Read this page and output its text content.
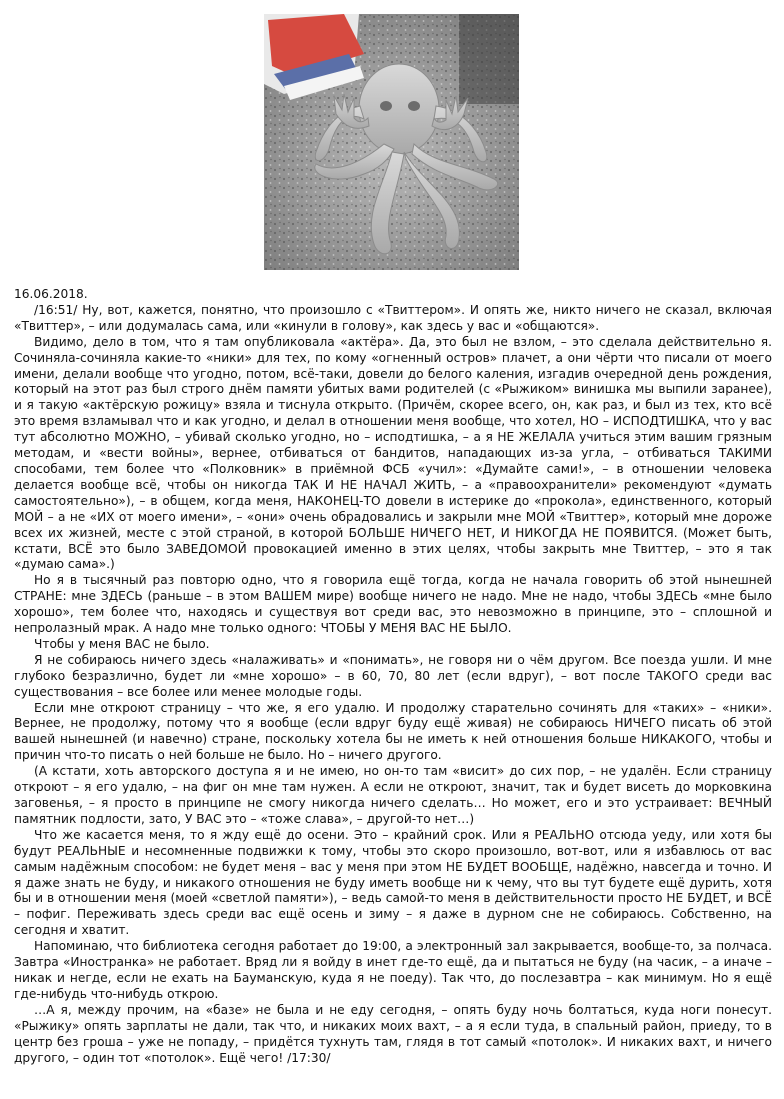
16.06.2018.

/16:51/ Ну, вот, кажется, понятно, что произошло с «Твиттером». И опять же, никто ничего не сказал, включая «Твиттер», – или додумалась сама, или «кинули в голову», как здесь у вас и «общаются».

Видимо, дело в том, что я там опубликовала «актёра». Да, это был не взлом, – это сделала действительно я. Сочиняла-сочиняла какие-то «ники» для тех, по кому «огненный остров» плачет, а они чёрти что писали от моего имени, делали вообще что угодно, потом, всё-таки, довели до белого каления, изгадив очередной день рождения, который на этот раз был строго днём памяти убитых вами родителей (с «Рыжиком» винишка мы выпили заранее), и я такую «актёрскую рожицу» взяла и тиснула открыто. (Причём, скорее всего, он, как раз, и был из тех, кто всё это время взламывал что и как угодно, и делал в отношении меня вообще, что хотел, НО – ИСПОДТИШКА, что у вас тут абсолютно МОЖНО, – убивай сколько угодно, но – исподтишка, – а я НЕ ЖЕЛАЛА учиться этим вашим грязным методам, и «вести войны», вернее, отбиваться от бандитов, нападающих из-за угла, – отбиваться ТАКИМИ способами, тем более что «Полковник» в приёмной ФСБ «учил»: «Думайте сами!», – в отношении человека делается вообще всё, чтобы он никогда ТАК И НЕ НАЧАЛ ЖИТЬ, – а «правоохранители» рекомендуют «думать самостоятельно»), – в общем, когда меня, НАКОНЕЦ-ТО довели в истерике до «прокола», единственного, который МОЙ – а не «ИХ от моего имени», – «они» очень обрадовались и закрыли мне МОЙ «Твиттер», который мне дороже всех их жизней, месте с этой страной, в которой БОЛЬШЕ НИЧЕГО НЕТ, И НИКОГДА НЕ ПОЯВИТСЯ. (Может быть, кстати, ВСЁ это было ЗАВЕДОМОЙ провокацией именно в этих целях, чтобы закрыть мне Твиттер, – это я так «думаю сама».)

Но я в тысячный раз повторю одно, что я говорила ещё тогда, когда не начала говорить об этой нынешней СТРАНЕ: мне ЗДЕСЬ (раньше – в этом ВАШЕМ мире) вообще ничего не надо. Мне не надо, чтобы ЗДЕСЬ «мне было хорошо», тем более что, находясь и существуя вот среди вас, это невозможно в принципе, это – сплошной и непролазный мрак. А надо мне только одного: ЧТОБЫ У МЕНЯ ВАС НЕ БЫЛО.

Чтобы у меня ВАС не было.

Я не собираюсь ничего здесь «налаживать» и «понимать», не говоря ни о чём другом. Все поезда ушли. И мне глубоко безразлично, будет ли «мне хорошо» – в 60, 70, 80 лет (если вдруг), – вот после ТАКОГО среди вас существования – все более или менее молодые годы.

Если мне откроют страницу – что же, я его удалю. И продолжу старательно сочинять для «таких» – «ники». Вернее, не продолжу, потому что я вообще (если вдруг буду ещё живая) не собираюсь НИЧЕГО писать об этой вашей нынешней (и навечно) стране, поскольку хотела бы не иметь к ней отношения больше НИКАКОГО, чтобы и причин что-то писать о ней больше не было. Но – ничего другого.

(А кстати, хоть авторского доступа я и не имею, но он-то там «висит» до сих пор, – не удалён. Если страницу откроют – я его удалю, – на фиг он мне там нужен. А если не откроют, значит, так и будет висеть до морковкина заговенья, – я просто в принципе не смогу никогда ничего сделать… Но может, его и это устраивает: ВЕЧНЫЙ памятник подлости, зато, У ВАС это – «тоже слава», – другой-то нет…)

Что же касается меня, то я жду ещё до осени. Это – крайний срок. Или я РЕАЛЬНО отсюда уеду, или хотя бы будут РЕАЛЬНЫЕ и несомненные подвижки к тому, чтобы это скоро произошло, вот-вот, или я избавлюсь от вас самым надёжным способом: не будет меня – вас у меня при этом НЕ БУДЕТ ВООБЩЕ, надёжно, навсегда и точно. И я даже знать не буду, и никакого отношения не буду иметь вообще ни к чему, что вы тут будете ещё дурить, хотя бы и в отношении меня (моей «светлой памяти»), – ведь самой-то меня в действительности просто НЕ БУДЕТ, и ВСЁ – пофиг. Переживать здесь среди вас ещё осень и зиму – я даже в дурном сне не собираюсь. Собственно, на сегодня и хватит.

Напоминаю, что библиотека сегодня работает до 19:00, а электронный зал закрывается, вообще-то, за полчаса. Завтра «Иностранка» не работает. Вряд ли я войду в инет где-то ещё, да и пытаться не буду (на часик, – а иначе – никак и негде, если не ехать на Бауманскую, куда я не поеду). Так что, до послезавтра – как минимум. Но я ещё где-нибудь что-нибудь открою.

…А я, между прочим, на «базе» не была и не еду сегодня, – опять буду ночь болтаться, куда ноги понесут. «Рыжику» опять зарплаты не дали, так что, и никаких моих вахт, – а я если туда, в спальный район, приеду, то в центр без гроша – уже не попаду, – придётся тухнуть там, глядя в тот самый «потолок». И никаких вахт, и ничего другого, – один тот «потолок». Ещё чего! /17:30/
